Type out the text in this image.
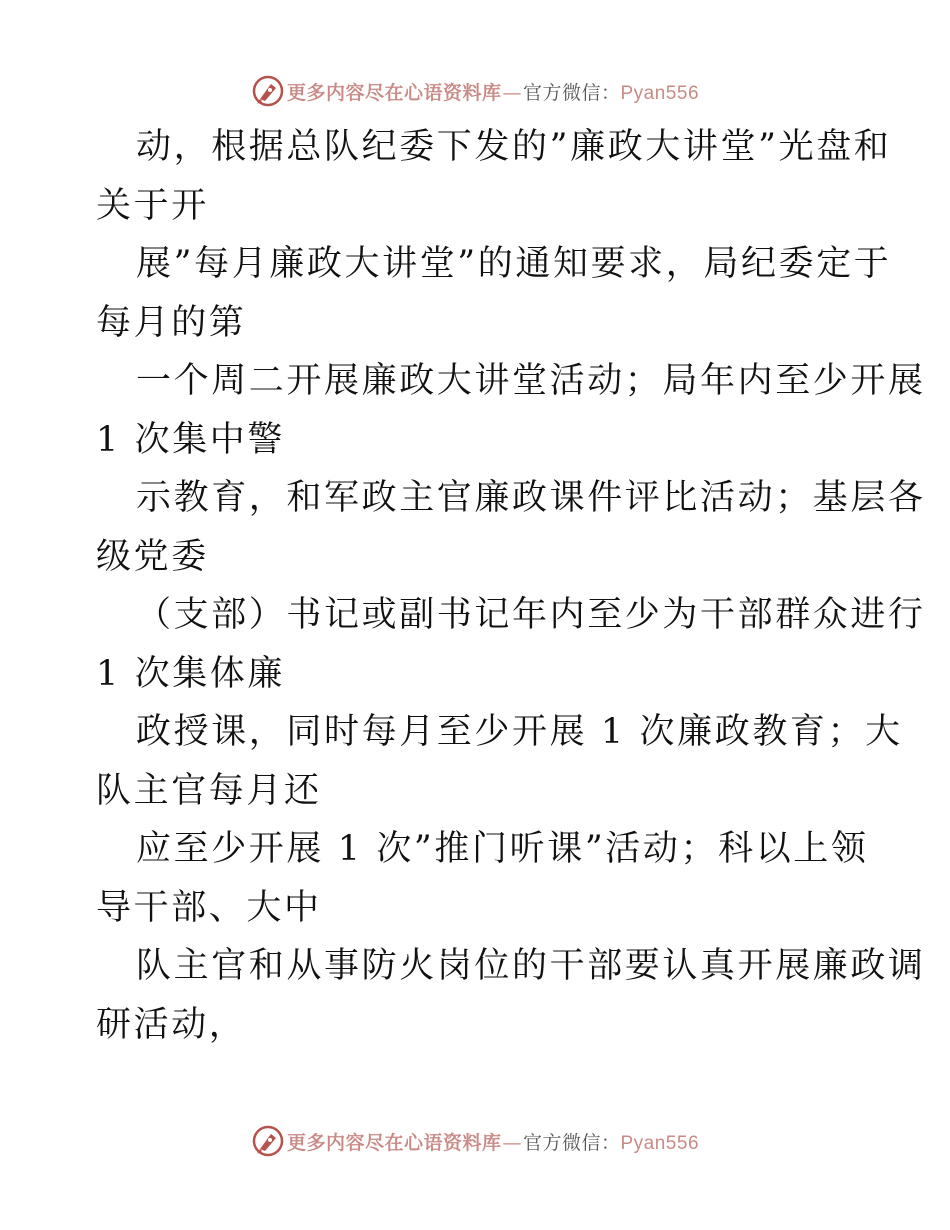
更多内容尽在心语资料库 — 官方微信： Pyan556
动，根据总队纪委下发的”廉政大讲堂”光盘和
关于开
展”每月廉政大讲堂”的通知要求，局纪委定于
每月的第
一个周二开展廉政大讲堂活动；局年内至少开展
1 次集中警
示教育，和军政主官廉政课件评比活动；基层各
级党委
（支部）书记或副书记年内至少为干部群众进行
1 次集体廉
政授课，同时每月至少开展 1 次廉政教育；大
队主官每月还
应至少开展 1 次”推门听课”活动；科以上领
导干部、大中
队主官和从事防火岗位的干部要认真开展廉政调
研活动，
更多内容尽在心语资料库 — 官方微信： Pyan556
